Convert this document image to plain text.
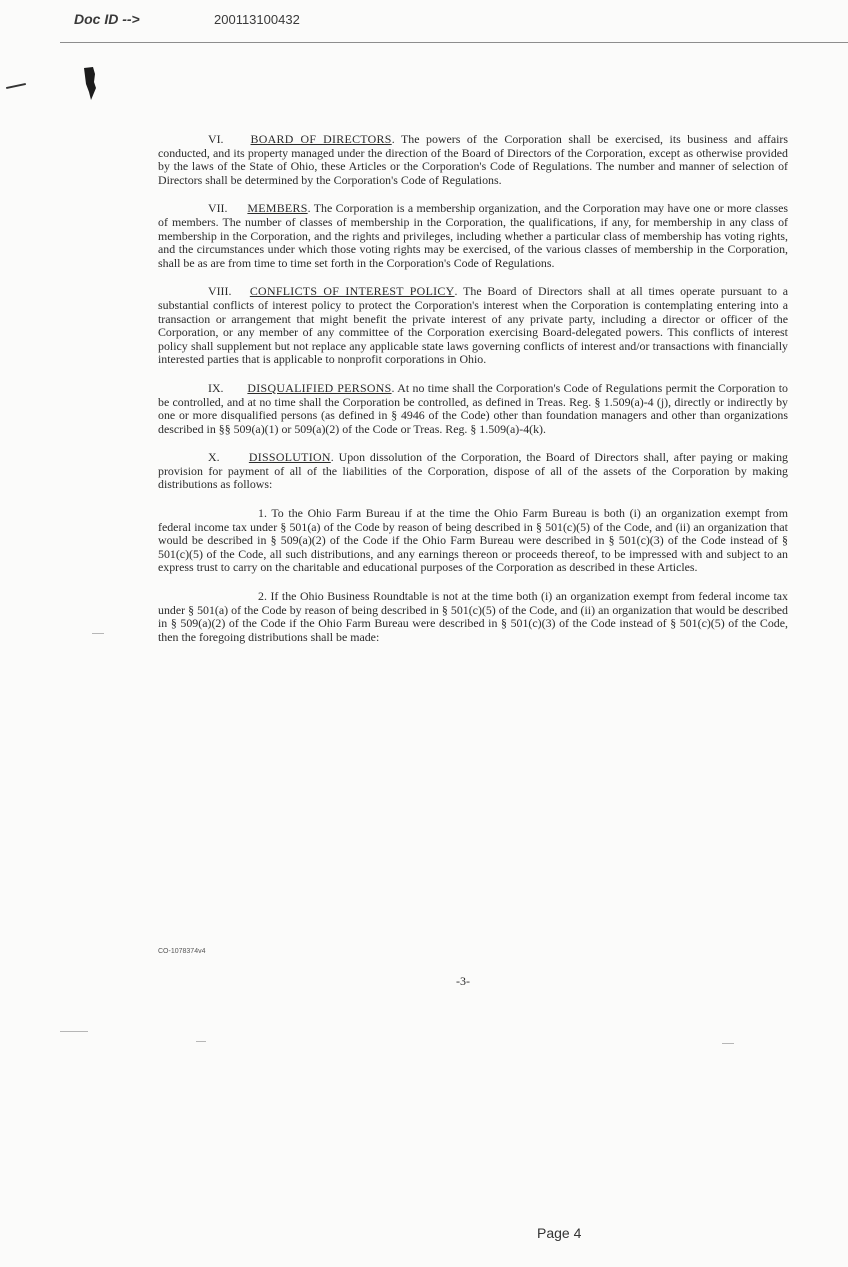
Doc ID -->	200113100432

VI. BOARD OF DIRECTORS. The powers of the Corporation shall be exercised, its business and affairs conducted, and its property managed under the direction of the Board of Directors of the Corporation, except as otherwise provided by the laws of the State of Ohio, these Articles or the Corporation's Code of Regulations. The number and manner of selection of Directors shall be determined by the Corporation's Code of Regulations.

VII. MEMBERS. The Corporation is a membership organization, and the Corporation may have one or more classes of members. The number of classes of membership in the Corporation, the qualifications, if any, for membership in any class of membership in the Corporation, and the rights and privileges, including whether a particular class of membership has voting rights, and the circumstances under which those voting rights may be exercised, of the various classes of membership in the Corporation, shall be as are from time to time set forth in the Corporation's Code of Regulations.

VIII. CONFLICTS OF INTEREST POLICY. The Board of Directors shall at all times operate pursuant to a substantial conflicts of interest policy to protect the Corporation's interest when the Corporation is contemplating entering into a transaction or arrangement that might benefit the private interest of any private party, including a director or officer of the Corporation, or any member of any committee of the Corporation exercising Board-delegated powers. This conflicts of interest policy shall supplement but not replace any applicable state laws governing conflicts of interest and/or transactions with financially interested parties that is applicable to nonprofit corporations in Ohio.

IX. DISQUALIFIED PERSONS. At no time shall the Corporation's Code of Regulations permit the Corporation to be controlled, and at no time shall the Corporation be controlled, as defined in Treas. Reg. § 1.509(a)-4 (j), directly or indirectly by one or more disqualified persons (as defined in § 4946 of the Code) other than foundation managers and other than organizations described in §§ 509(a)(1) or 509(a)(2) of the Code or Treas. Reg. § 1.509(a)-4(k).

X. DISSOLUTION. Upon dissolution of the Corporation, the Board of Directors shall, after paying or making provision for payment of all of the liabilities of the Corporation, dispose of all of the assets of the Corporation by making distributions as follows:

1. To the Ohio Farm Bureau if at the time the Ohio Farm Bureau is both (i) an organization exempt from federal income tax under § 501(a) of the Code by reason of being described in § 501(c)(5) of the Code, and (ii) an organization that would be described in § 509(a)(2) of the Code if the Ohio Farm Bureau were described in § 501(c)(3) of the Code instead of § 501(c)(5) of the Code, all such distributions, and any earnings thereon or proceeds thereof, to be impressed with and subject to an express trust to carry on the charitable and educational purposes of the Corporation as described in these Articles.

2. If the Ohio Business Roundtable is not at the time both (i) an organization exempt from federal income tax under § 501(a) of the Code by reason of being described in § 501(c)(5) of the Code, and (ii) an organization that would be described in § 509(a)(2) of the Code if the Ohio Farm Bureau were described in § 501(c)(3) of the Code instead of § 501(c)(5) of the Code, then the foregoing distributions shall be made:

CO-1078374v4
-3-
Page 4
